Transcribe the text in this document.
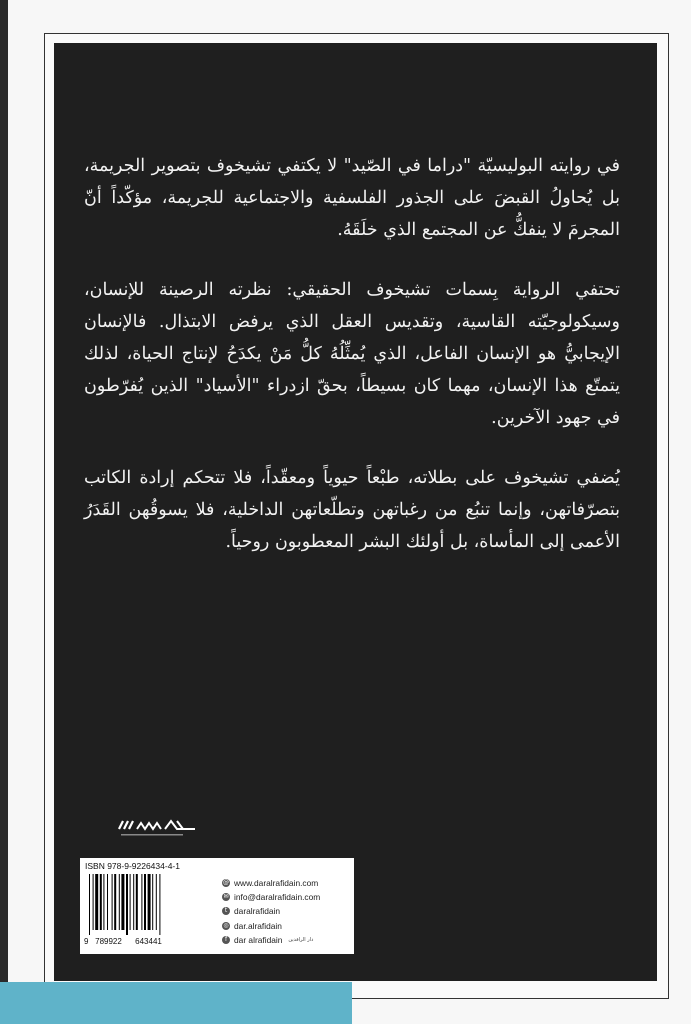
في روايته البوليسيّة "دراما في الصّيد" لا يكتفي تشيخوف بتصوير الجريمة، بل يُحاولُ القبضَ على الجذور الفلسفية والاجتماعية للجريمة، مؤكّداً أنّ المجرمَ لا ينفكُّ عن المجتمع الذي خلَقَهُ.

تحتفي الرواية بِسمات تشيخوف الحقيقي: نظرته الرصينة للإنسان، وسيكولوجيّته القاسية، وتقديس العقل الذي يرفض الابتذال. فالإنسان الإيجابيُّ هو الإنسان الفاعل، الذي يُمثِّلُهُ كلُّ مَنْ يكدَحُ لإنتاج الحياة، لذلك يتمتّع هذا الإنسان، مهما كان بسيطاً، بحقّ ازدراء "الأسياد" الذين يُفرّطون في جهود الآخرين.

يُضفي تشيخوف على بطلاته، طبْعاً حيوياً ومعقّداً، فلا تتحكم إرادة الكاتب بتصرّفاتهن، وإنما تنبُع من رغباتهن وتطلّعاتهن الداخلية، فلا يسوقُهن القَدَرُ الأعمى إلى المأساة، بل أولئك البشر المعطوبون روحياً.

ISBN 978-9-9226434-4-1
9   789922      643441
@ www.daralrafidain.com
✉ info@daralrafidain.com
t daralrafidain
◎ dar.alrafidain
f dar alrafidain دار الرافدين
